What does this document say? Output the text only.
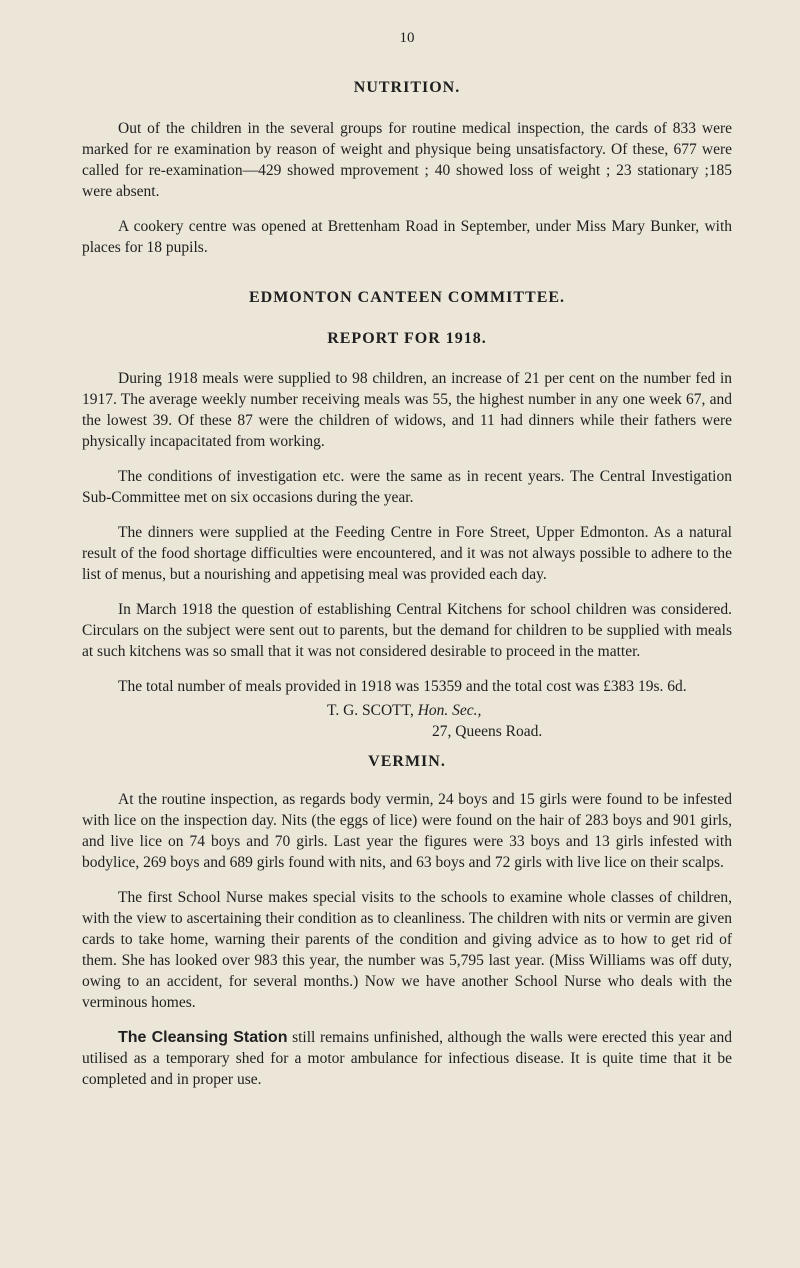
10
NUTRITION.

Out of the children in the several groups for routine medical inspection, the cards of 833 were marked for re examination by reason of weight and physique being unsatisfactory. Of these, 677 were called for re-examination—429 showed mprovement ; 40 showed loss of weight ; 23 stationary ;185 were absent.

A cookery centre was opened at Brettenham Road in September, under Miss Mary Bunker, with places for 18 pupils.

EDMONTON CANTEEN COMMITTEE.
REPORT FOR 1918.

During 1918 meals were supplied to 98 children, an increase of 21 per cent on the number fed in 1917. The average weekly number receiving meals was 55, the highest number in any one week 67, and the lowest 39. Of these 87 were the children of widows, and 11 had dinners while their fathers were physically incapacitated from working.

The conditions of investigation etc. were the same as in recent years. The Central Investigation Sub-Committee met on six occasions during the year.

The dinners were supplied at the Feeding Centre in Fore Street, Upper Edmonton. As a natural result of the food shortage difficulties were encountered, and it was not always possible to adhere to the list of menus, but a nourishing and appetising meal was provided each day.

In March 1918 the question of establishing Central Kitchens for school children was considered. Circulars on the subject were sent out to parents, but the demand for children to be supplied with meals at such kitchens was so small that it was not considered desirable to proceed in the matter.

The total number of meals provided in 1918 was 15359 and the total cost was £383 19s. 6d.

T. G. SCOTT, Hon. Sec.,
27, Queens Road.
VERMIN.

At the routine inspection, as regards body vermin, 24 boys and 15 girls were found to be infested with lice on the inspection day. Nits (the eggs of lice) were found on the hair of 283 boys and 901 girls, and live lice on 74 boys and 70 girls. Last year the figures were 33 boys and 13 girls infested with bodylice, 269 boys and 689 girls found with nits, and 63 boys and 72 girls with live lice on their scalps.

The first School Nurse makes special visits to the schools to examine whole classes of children, with the view to ascertaining their condition as to cleanliness. The children with nits or vermin are given cards to take home, warning their parents of the condition and giving advice as to how to get rid of them. She has looked over 983 this year, the number was 5,795 last year. (Miss Williams was off duty, owing to an accident, for several months.) Now we have another School Nurse who deals with the verminous homes.

The Cleansing Station still remains unfinished, although the walls were erected this year and utilised as a temporary shed for a motor ambulance for infectious disease. It is quite time that it be completed and in proper use.
